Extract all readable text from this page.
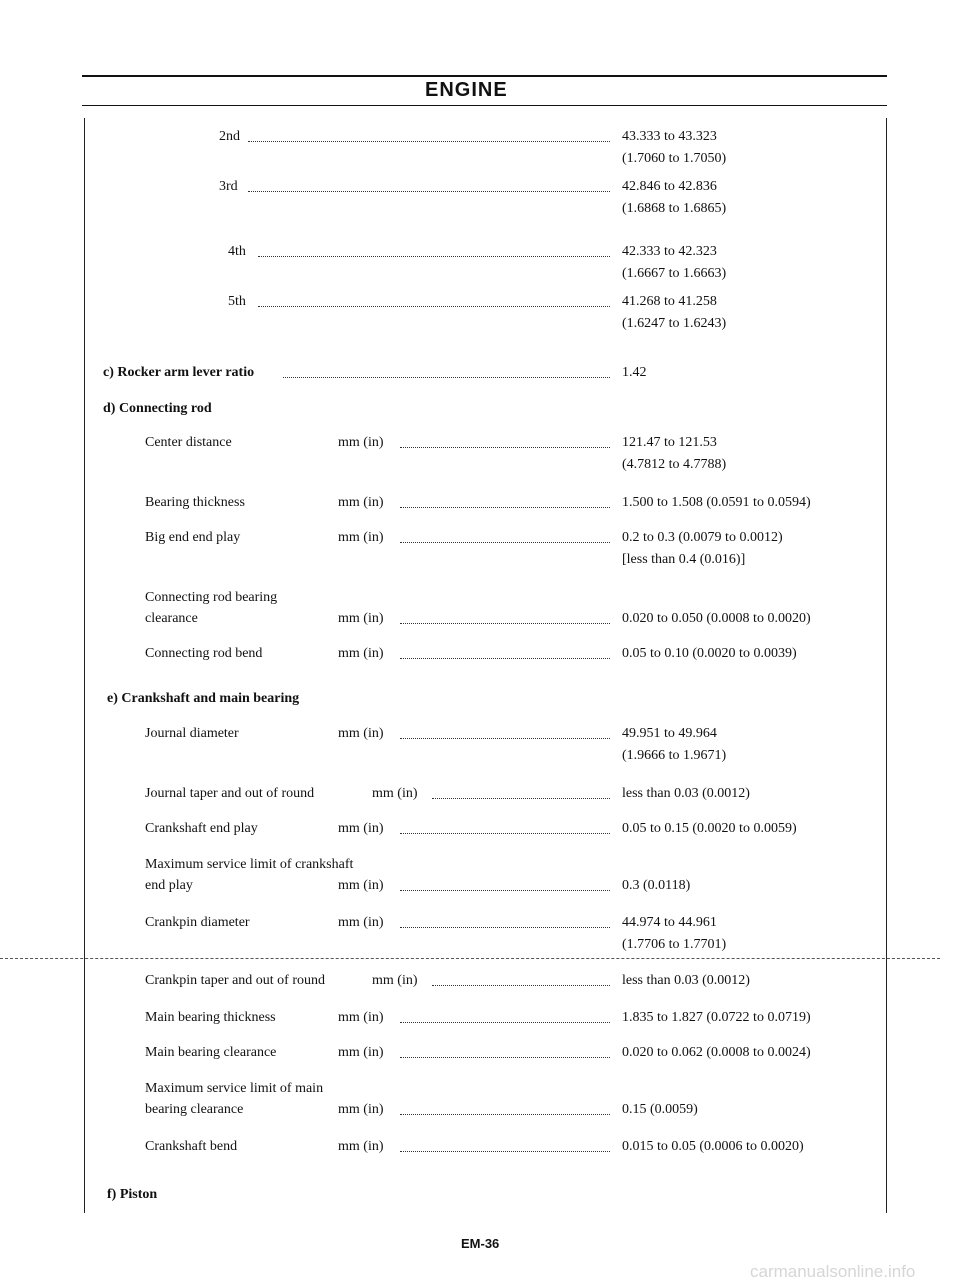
ENGINE
2nd	43.333 to 43.323
(1.7060 to 1.7050)
3rd	42.846 to 42.836
(1.6868 to 1.6865)
4th	42.333 to 42.323
(1.6667 to 1.6663)
5th	41.268 to 41.258
(1.6247 to 1.6243)
c) Rocker arm lever ratio	1.42
d) Connecting rod
Center distance	mm (in)	121.47 to 121.53
(4.7812 to 4.7788)
Bearing thickness	mm (in)	1.500 to 1.508 (0.0591 to 0.0594)
Big end end play	mm (in)	0.2 to 0.3 (0.0079 to 0.0012)
[less than 0.4 (0.016)]
Connecting rod bearing
clearance	mm (in)	0.020 to 0.050 (0.0008 to 0.0020)
Connecting rod bend	mm (in)	0.05 to 0.10 (0.0020 to 0.0039)
e) Crankshaft and main bearing
Journal diameter	mm (in)	49.951 to 49.964
(1.9666 to 1.9671)
Journal taper and out of round	mm (in)	less than 0.03 (0.0012)
Crankshaft end play	mm (in)	0.05 to 0.15 (0.0020 to 0.0059)
Maximum service limit of crankshaft
end play	mm (in)	0.3 (0.0118)
Crankpin diameter	mm (in)	44.974 to 44.961
(1.7706 to 1.7701)
Crankpin taper and out of round	mm (in)	less than 0.03 (0.0012)
Main bearing thickness	mm (in)	1.835 to 1.827 (0.0722 to 0.0719)
Main bearing clearance	mm (in)	0.020 to 0.062 (0.0008 to 0.0024)
Maximum service limit of main
bearing clearance	mm (in)	0.15 (0.0059)
Crankshaft bend	mm (in)	0.015 to 0.05 (0.0006 to 0.0020)
f) Piston
EM-36
carmanualsonline.info
